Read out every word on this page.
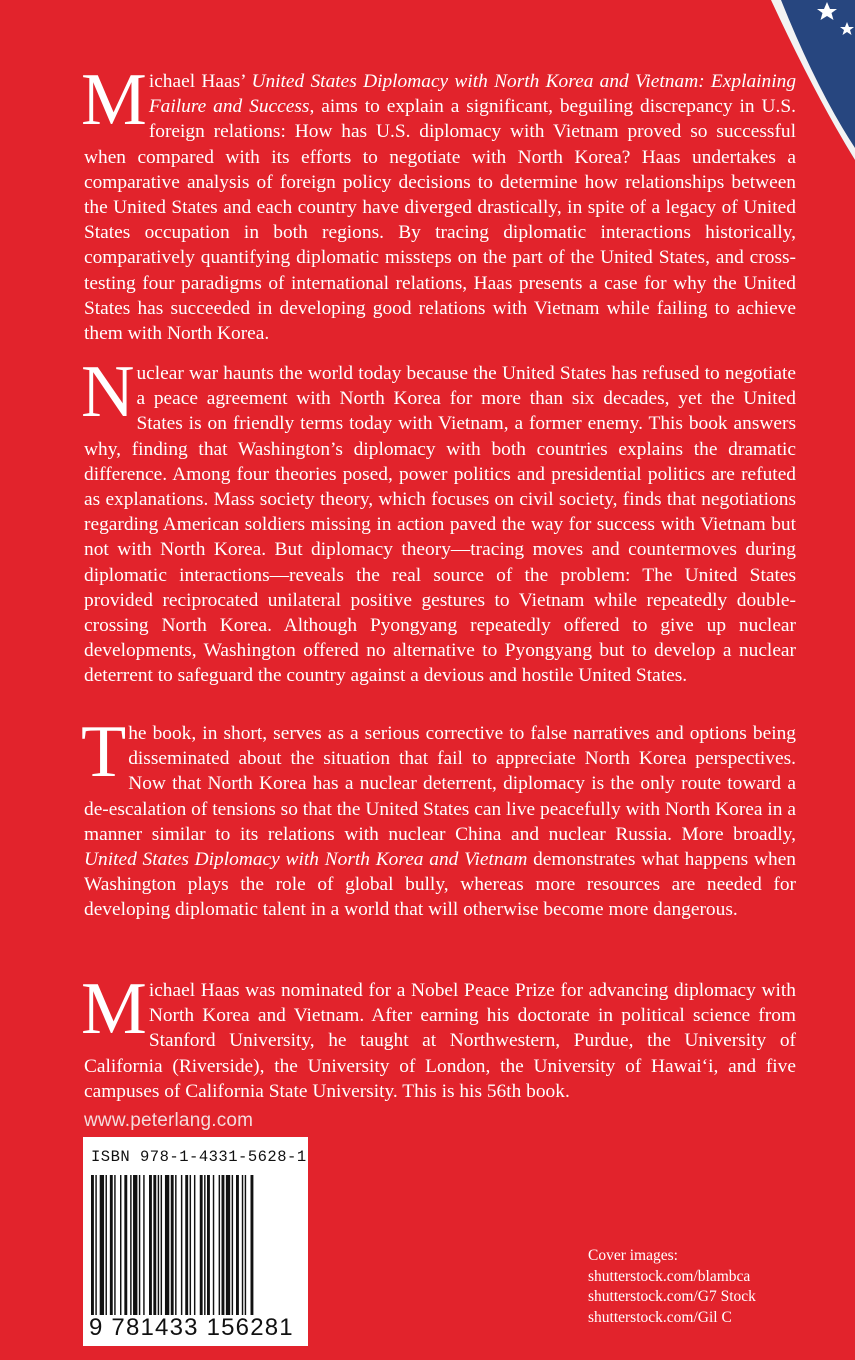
Michael Haas’ United States Diplomacy with North Korea and Vietnam: Explaining Failure and Success, aims to explain a significant, beguiling discrepancy in U.S. foreign relations: How has U.S. diplomacy with Vietnam proved so successful when compared with its efforts to negotiate with North Korea? Haas undertakes a comparative analysis of foreign policy decisions to determine how relationships between the United States and each country have diverged drastically, in spite of a legacy of United States occupation in both regions. By tracing diplomatic interactions historically, comparatively quantifying diplomatic missteps on the part of the United States, and cross-testing four paradigms of international relations, Haas presents a case for why the United States has succeeded in developing good relations with Vietnam while failing to achieve them with North Korea.
Nuclear war haunts the world today because the United States has refused to negotiate a peace agreement with North Korea for more than six decades, yet the United States is on friendly terms today with Vietnam, a former enemy. This book answers why, finding that Washington’s diplomacy with both countries explains the dramatic difference. Among four theories posed, power politics and presidential politics are refuted as explanations. Mass society theory, which focuses on civil society, finds that negotiations regarding American soldiers missing in action paved the way for success with Vietnam but not with North Korea. But diplomacy theory—tracing moves and countermoves during diplomatic interactions—reveals the real source of the problem: The United States provided reciprocated unilateral positive gestures to Vietnam while repeatedly double-crossing North Korea. Although Pyongyang repeatedly offered to give up nuclear developments, Washington offered no alternative to Pyongyang but to develop a nuclear deterrent to safeguard the country against a devious and hostile United States.
The book, in short, serves as a serious corrective to false narratives and options being disseminated about the situation that fail to appreciate North Korea perspectives. Now that North Korea has a nuclear deterrent, diplomacy is the only route toward a de-escalation of tensions so that the United States can live peacefully with North Korea in a manner similar to its relations with nuclear China and nuclear Russia. More broadly, United States Diplomacy with North Korea and Vietnam demonstrates what happens when Washington plays the role of global bully, whereas more resources are needed for developing diplomatic talent in a world that will otherwise become more dangerous.
Michael Haas was nominated for a Nobel Peace Prize for advancing diplomacy with North Korea and Vietnam. After earning his doctorate in political science from Stanford University, he taught at Northwestern, Purdue, the University of California (Riverside), the University of London, the University of Hawai‘i, and five campuses of California State University. This is his 56th book.
www.peterlang.com
ISBN 978-1-4331-5628-1
9 781433 156281
Cover images:
shutterstock.com/blambca
shutterstock.com/G7 Stock
shutterstock.com/Gil C
